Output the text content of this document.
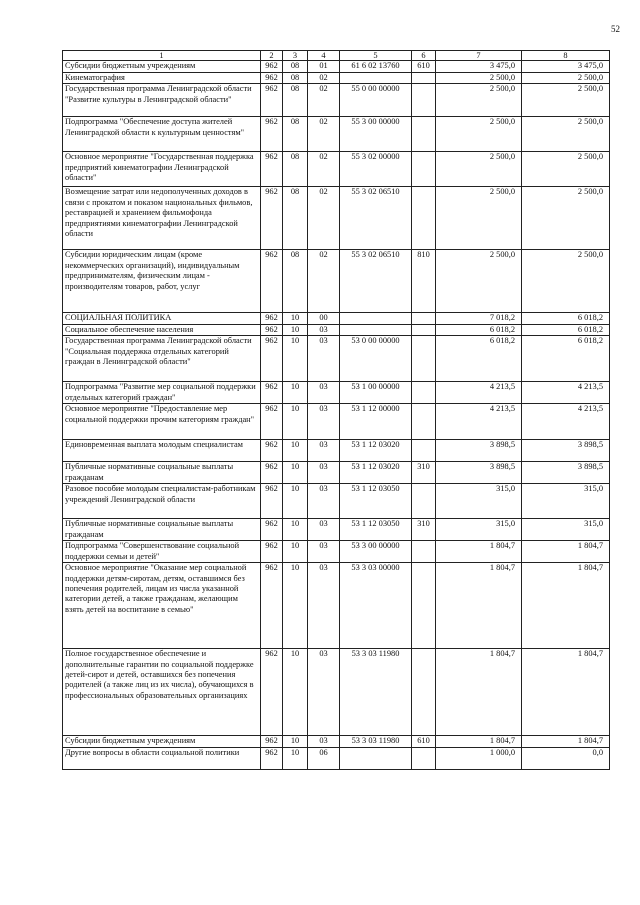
52
1	2	3	4	5	6	7	8
Субсидии бюджетным учреждениям	962	08	01	61 6 02 13760	610	3 475,0	3 475,0
Кинематография	962	08	02			2 500,0	2 500,0
Государственная программа Ленинградской области "Развитие культуры в Ленинградской области"	962	08	02	55 0 00 00000		2 500,0	2 500,0
Подпрограмма "Обеспечение доступа жителей Ленинградской области к культурным ценностям"	962	08	02	55 3 00 00000		2 500,0	2 500,0
Основное мероприятие "Государственная поддержка предприятий кинематографии Ленинградской области"	962	08	02	55 3 02 00000		2 500,0	2 500,0
Возмещение затрат или недополученных доходов в связи с прокатом и показом национальных фильмов, реставрацией и хранением фильмофонда предприятиями кинематографии Ленинградской области	962	08	02	55 3 02 06510		2 500,0	2 500,0
Субсидии юридическим лицам (кроме некоммерческих организаций), индивидуальным предпринимателям, физическим лицам - производителям товаров, работ, услуг	962	08	02	55 3 02 06510	810	2 500,0	2 500,0
СОЦИАЛЬНАЯ ПОЛИТИКА	962	10	00			7 018,2	6 018,2
Социальное обеспечение населения	962	10	03			6 018,2	6 018,2
Государственная программа Ленинградской области "Социальная поддержка отдельных категорий граждан в Ленинградской области"	962	10	03	53 0 00 00000		6 018,2	6 018,2
Подпрограмма "Развитие мер социальной поддержки отдельных категорий граждан"	962	10	03	53 1 00 00000		4 213,5	4 213,5
Основное мероприятие "Предоставление мер социальной поддержки прочим категориям граждан"	962	10	03	53 1 12 00000		4 213,5	4 213,5
Единовременная выплата молодым специалистам	962	10	03	53 1 12 03020		3 898,5	3 898,5
Публичные нормативные социальные выплаты гражданам	962	10	03	53 1 12 03020	310	3 898,5	3 898,5
Разовое пособие молодым специалистам-работникам учреждений Ленинградской области	962	10	03	53 1 12 03050		315,0	315,0
Публичные нормативные социальные выплаты гражданам	962	10	03	53 1 12 03050	310	315,0	315,0
Подпрограмма "Совершенствование социальной поддержки семьи и детей"	962	10	03	53 3 00 00000		1 804,7	1 804,7
Основное мероприятие "Оказание мер социальной поддержки детям-сиротам, детям, оставшимся без попечения родителей, лицам из числа указанной категории детей, а также гражданам, желающим взять детей на воспитание в семью"	962	10	03	53 3 03 00000		1 804,7	1 804,7
Полное государственное обеспечение и дополнительные гарантии по социальной поддержке детей-сирот и детей, оставшихся без попечения родителей (а также лиц из их числа), обучающихся в профессиональных образовательных организациях	962	10	03	53 3 03 11980		1 804,7	1 804,7
Субсидии бюджетным учреждениям	962	10	03	53 3 03 11980	610	1 804,7	1 804,7
Другие вопросы в области социальной политики	962	10	06			1 000,0	0,0
